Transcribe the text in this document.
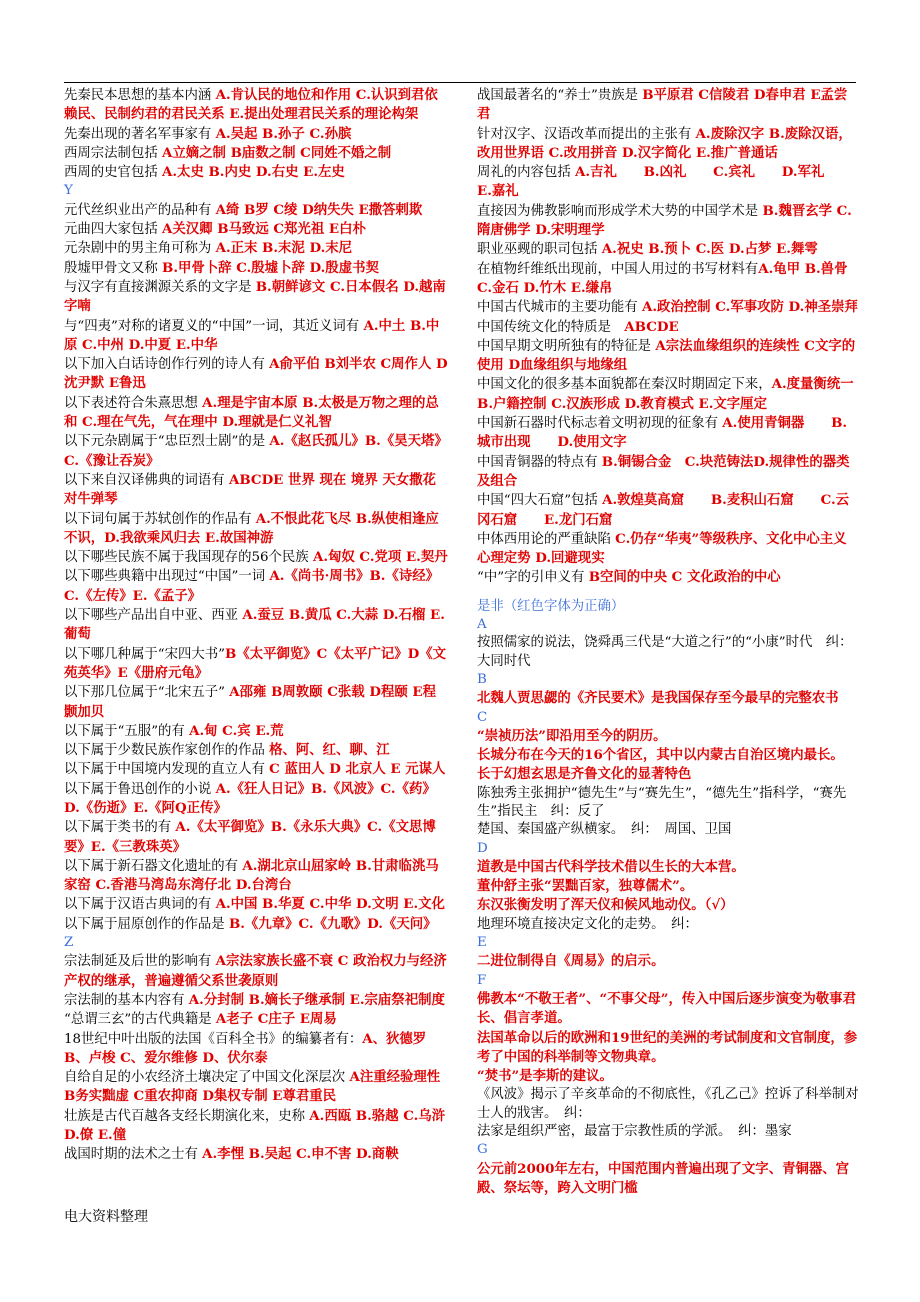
先秦民本思想的基本内涵 A.肯认民的地位和作用 C.认识到君依赖民、民制约君的君民关系 E.提出处理君民关系的理论构架

先秦出现的著名军事家有 A.吴起 B.孙子 C.孙膑

西周宗法制包括 A立嫡之制 B庙数之制 C同姓不婚之制

西周的史官包括 A.太史 B.内史 D.右史 E.左史

Y

元代丝织业出产的品种有 A绮 B罗 C绫 D纳失失 E撒答剌欺

元曲四大家包括 A关汉卿 B马致远 C郑光祖 E白朴

元杂剧中的男主角可称为 A.正末 B.末泥 D.末尼

殷墟甲骨文又称 B.甲骨卜辞 C.殷墟卜辞 D.殷虚书契

与汉字有直接渊源关系的文字是 B.朝鲜谚文 C.日本假名 D.越南字喃

与“四夷”对称的诸夏义的“中国”一词，其近义词有 A.中土 B.中原 C.中州 D.中夏 E.中华

以下加入白话诗创作行列的诗人有 A俞平伯 B刘半农 C周作人 D沈尹默 E鲁迅

以下表述符合朱熹思想 A.理是宇宙本原 B.太极是万物之理的总和 C.理在气先，气在理中 D.理就是仁义礼智

以下元杂剧属于“忠臣烈士剧”的是 A.《赵氏孤儿》B.《昊天塔》C.《豫让吞炭》

以下来自汉译佛典的词语有 ABCDE 世界 现在 境界 天女撒花 对牛弹琴

以下词句属于苏轼创作的作品有 A.不恨此花飞尽 B.纵使相逢应不识，D.我欲乘风归去 E.故国神游

以下哪些民族不属于我国现存的56个民族 A.匈奴 C.党项 E.契丹

以下哪些典籍中出现过“中国”一词 A.《尚书·周书》B.《诗经》C.《左传》E.《孟子》

以下哪些产品出自中亚、西亚 A.蚕豆 B.黄瓜 C.大蒜 D.石榴 E.葡萄

以下哪几种属于“宋四大书”B《太平御览》C《太平广记》D《文苑英华》E《册府元龟》

以下那几位属于“北宋五子” A邵雍 B周敦颐 C张载 D程颐 E程颢加贝

以下属于“五服”的有 A.甸 C.宾 E.荒

以下属于少数民族作家创作的作品 格、阿、红、聊、江

以下属于中国境内发现的直立人有 C 蓝田人 D 北京人 E 元谋人

以下属于鲁迅创作的小说 A.《狂人日记》B.《风波》C.《药》D.《伤逝》E.《阿Q正传》

以下属于类书的有 A.《太平御览》B.《永乐大典》C.《文思博要》E.《三教珠英》

以下属于新石器文化遗址的有 A.湖北京山屈家岭 B.甘肃临洮马家窑 C.香港马湾岛东湾仔北 D.台湾台

以下属于汉语古典词的有 A.中国 B.华夏 C.中华 D.文明 E.文化

以下属于屈原创作的作品是 B.《九章》C.《九歌》D.《天问》

Z

宗法制延及后世的影响有 A宗法家族长盛不衰 C 政治权力与经济产权的继承，普遍遵循父系世袭原则

宗法制的基本内容有 A.分封制 B.嫡长子继承制 E.宗庙祭祀制度

“总谓三玄”的古代典籍是 A老子 C庄子 E周易

18世纪中叶出版的法国《百科全书》的编纂者有：A、狄德罗 B、卢梭 C、爱尔维修 D、伏尔泰

自给自足的小农经济土壤决定了中国文化深层次 A注重经验理性 B务实黜虚 C重农抑商 D集权专制 E尊君重民

壮族是古代百越各支经长期演化来，史称 A.西瓯 B.骆越 C.乌浒 D.僚 E.僮

战国时期的法术之士有 A.李悝 B.吴起 C.申不害 D.商鞅

战国最著名的“养士”贵族是 B平原君 C信陵君 D春申君 E孟尝君

针对汉字、汉语改革而提出的主张有 A.废除汉字 B.废除汉语，改用世界语 C.改用拼音 D.汉字简化 E.推广普通话

周礼的内容包括 A.吉礼　　B.凶礼　　C.宾礼　　D.军礼　　E.嘉礼

直接因为佛教影响而形成学术大势的中国学术是 B.魏晋玄学 C.隋唐佛学 D.宋明理学

职业巫觋的职司包括 A.祝史 B.预卜 C.医 D.占梦 E.舞雩

在植物纤维纸出现前，中国人用过的书写材料有A.龟甲 B.兽骨 C.金石 D.竹木 E.缣帛

中国古代城市的主要功能有 A.政治控制 C.军事攻防 D.神圣崇拜

中国传统文化的特质是　ABCDE

中国早期文明所独有的特征是 A宗法血缘组织的连续性 C文字的使用 D血缘组织与地缘组

中国文化的很多基本面貌都在秦汉时期固定下来，A.度量衡统一 B.户籍控制 C.汉族形成 D.教育模式 E.文字厘定

中国新石器时代标志着文明初现的征象有 A.使用青铜器　　B.城市出现　　D.使用文字

中国青铜器的特点有 B.铜锡合金　C.块范铸法D.规律性的器类及组合

中国“四大石窟”包括 A.敦煌莫高窟　　B.麦积山石窟　　C.云冈石窟　　E.龙门石窟

中体西用论的严重缺陷 C.仍存“华夷”等级秩序、文化中心主义心理定势 D.回避现实

“中”字的引申义有 B空间的中央 C 文化政治的中心

是非（红色字体为正确）

A

按照儒家的说法，饶舜禹三代是“大道之行”的“小康”时代　纠：大同时代

B

北魏人贾思勰的《齐民要术》是我国保存至今最早的完整农书

C

“崇祯历法”即沿用至今的阴历。

长城分布在今天的16个省区，其中以内蒙古自治区境内最长。

长于幻想玄思是齐鲁文化的显著特色

陈独秀主张拥护“德先生”与“赛先生”，“德先生”指科学，“赛先生”指民主　纠：反了

楚国、秦国盛产纵横家。　纠：　周国、卫国

D

道教是中国古代科学技术借以生长的大本营。

董仲舒主张“罢黜百家，独尊儒术”。

东汉张衡发明了浑天仪和候风地动仪。（√）

地理环境直接决定文化的走势。　纠：

E

二进位制得自《周易》的启示。

F

佛教本“不敬王者”、“不事父母”，传入中国后逐步演变为敬事君长、倡言孝道。

法国革命以后的欧洲和19世纪的美洲的考试制度和文官制度，参考了中国的科举制等文物典章。

“焚书”是李斯的建议。

《风波》揭示了辛亥革命的不彻底性，《孔乙己》控诉了科举制对士人的戕害。　纠：

法家是组织严密，最富于宗教性质的学派。　纠：墨家

G

公元前2000年左右，中国范围内普遍出现了文字、青铜器、宫殿、祭坛等，跨入文明门槛

电大资料整理
